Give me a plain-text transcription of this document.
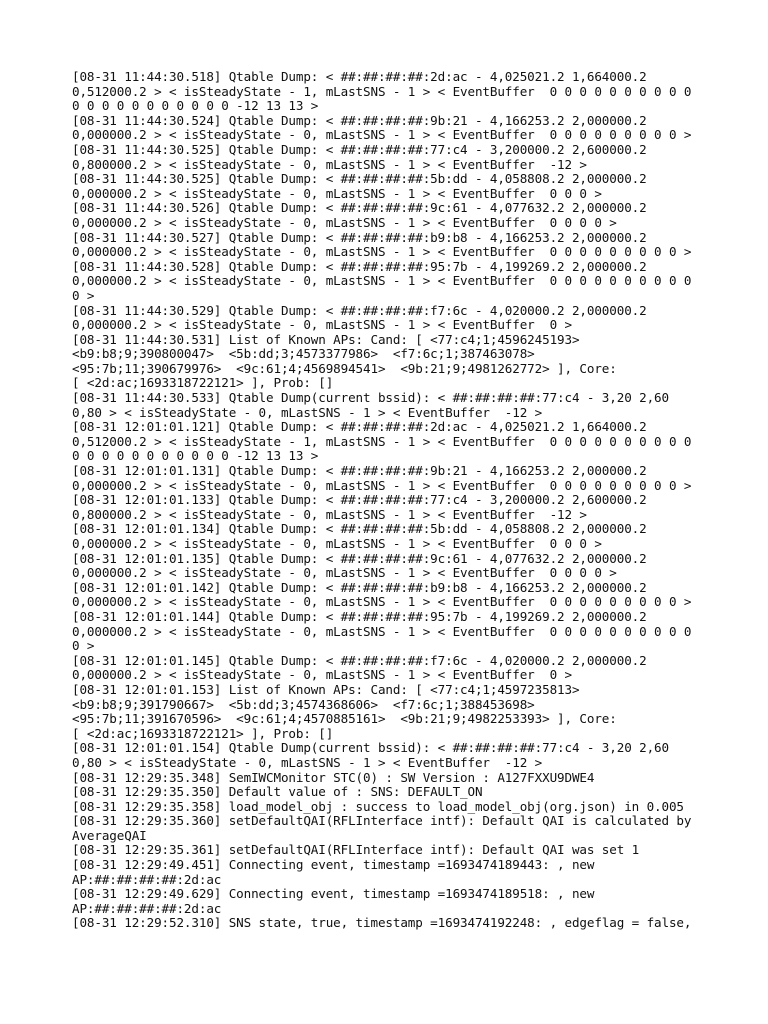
[08-31 11:44:30.518] Qtable Dump: < ##:##:##:##:2d:ac - 4,025021.2 1,664000.2
0,512000.2 > < isSteadyState - 1, mLastSNS - 1 > < EventBuffer  0 0 0 0 0 0 0 0 0 0
0 0 0 0 0 0 0 0 0 0 0 -12 13 13 >
[08-31 11:44:30.524] Qtable Dump: < ##:##:##:##:9b:21 - 4,166253.2 2,000000.2
0,000000.2 > < isSteadyState - 0, mLastSNS - 1 > < EventBuffer  0 0 0 0 0 0 0 0 0 >
[08-31 11:44:30.525] Qtable Dump: < ##:##:##:##:77:c4 - 3,200000.2 2,600000.2
0,800000.2 > < isSteadyState - 0, mLastSNS - 1 > < EventBuffer  -12 >
[08-31 11:44:30.525] Qtable Dump: < ##:##:##:##:5b:dd - 4,058808.2 2,000000.2
0,000000.2 > < isSteadyState - 0, mLastSNS - 1 > < EventBuffer  0 0 0 >
[08-31 11:44:30.526] Qtable Dump: < ##:##:##:##:9c:61 - 4,077632.2 2,000000.2
0,000000.2 > < isSteadyState - 0, mLastSNS - 1 > < EventBuffer  0 0 0 0 >
[08-31 11:44:30.527] Qtable Dump: < ##:##:##:##:b9:b8 - 4,166253.2 2,000000.2
0,000000.2 > < isSteadyState - 0, mLastSNS - 1 > < EventBuffer  0 0 0 0 0 0 0 0 0 >
[08-31 11:44:30.528] Qtable Dump: < ##:##:##:##:95:7b - 4,199269.2 2,000000.2
0,000000.2 > < isSteadyState - 0, mLastSNS - 1 > < EventBuffer  0 0 0 0 0 0 0 0 0 0
0 >
[08-31 11:44:30.529] Qtable Dump: < ##:##:##:##:f7:6c - 4,020000.2 2,000000.2
0,000000.2 > < isSteadyState - 0, mLastSNS - 1 > < EventBuffer  0 >
[08-31 11:44:30.531] List of Known APs: Cand: [ <77:c4;1;4596245193>
<b9:b8;9;390800047>  <5b:dd;3;4573377986>  <f7:6c;1;387463078>
<95:7b;11;390679976>  <9c:61;4;4569894541>  <9b:21;9;4981262772> ], Core:
[ <2d:ac;1693318722121> ], Prob: []
[08-31 11:44:30.533] Qtable Dump(current bssid): < ##:##:##:##:77:c4 - 3,20 2,60
0,80 > < isSteadyState - 0, mLastSNS - 1 > < EventBuffer  -12 >
[08-31 12:01:01.121] Qtable Dump: < ##:##:##:##:2d:ac - 4,025021.2 1,664000.2
0,512000.2 > < isSteadyState - 1, mLastSNS - 1 > < EventBuffer  0 0 0 0 0 0 0 0 0 0
0 0 0 0 0 0 0 0 0 0 0 -12 13 13 >
[08-31 12:01:01.131] Qtable Dump: < ##:##:##:##:9b:21 - 4,166253.2 2,000000.2
0,000000.2 > < isSteadyState - 0, mLastSNS - 1 > < EventBuffer  0 0 0 0 0 0 0 0 0 >
[08-31 12:01:01.133] Qtable Dump: < ##:##:##:##:77:c4 - 3,200000.2 2,600000.2
0,800000.2 > < isSteadyState - 0, mLastSNS - 1 > < EventBuffer  -12 >
[08-31 12:01:01.134] Qtable Dump: < ##:##:##:##:5b:dd - 4,058808.2 2,000000.2
0,000000.2 > < isSteadyState - 0, mLastSNS - 1 > < EventBuffer  0 0 0 >
[08-31 12:01:01.135] Qtable Dump: < ##:##:##:##:9c:61 - 4,077632.2 2,000000.2
0,000000.2 > < isSteadyState - 0, mLastSNS - 1 > < EventBuffer  0 0 0 0 >
[08-31 12:01:01.142] Qtable Dump: < ##:##:##:##:b9:b8 - 4,166253.2 2,000000.2
0,000000.2 > < isSteadyState - 0, mLastSNS - 1 > < EventBuffer  0 0 0 0 0 0 0 0 0 >
[08-31 12:01:01.144] Qtable Dump: < ##:##:##:##:95:7b - 4,199269.2 2,000000.2
0,000000.2 > < isSteadyState - 0, mLastSNS - 1 > < EventBuffer  0 0 0 0 0 0 0 0 0 0
0 >
[08-31 12:01:01.145] Qtable Dump: < ##:##:##:##:f7:6c - 4,020000.2 2,000000.2
0,000000.2 > < isSteadyState - 0, mLastSNS - 1 > < EventBuffer  0 >
[08-31 12:01:01.153] List of Known APs: Cand: [ <77:c4;1;4597235813>
<b9:b8;9;391790667>  <5b:dd;3;4574368606>  <f7:6c;1;388453698>
<95:7b;11;391670596>  <9c:61;4;4570885161>  <9b:21;9;4982253393> ], Core:
[ <2d:ac;1693318722121> ], Prob: []
[08-31 12:01:01.154] Qtable Dump(current bssid): < ##:##:##:##:77:c4 - 3,20 2,60
0,80 > < isSteadyState - 0, mLastSNS - 1 > < EventBuffer  -12 >
[08-31 12:29:35.348] SemIWCMonitor STC(0) : SW Version : A127FXXU9DWE4
[08-31 12:29:35.350] Default value of : SNS: DEFAULT_ON
[08-31 12:29:35.358] load_model_obj : success to load_model_obj(org.json) in 0.005
[08-31 12:29:35.360] setDefaultQAI(RFLInterface intf): Default QAI is calculated by
AverageQAI
[08-31 12:29:35.361] setDefaultQAI(RFLInterface intf): Default QAI was set 1
[08-31 12:29:49.451] Connecting event, timestamp =1693474189443: , new
AP:##:##:##:##:2d:ac
[08-31 12:29:49.629] Connecting event, timestamp =1693474189518: , new
AP:##:##:##:##:2d:ac
[08-31 12:29:52.310] SNS state, true, timestamp =1693474192248: , edgeflag = false,
